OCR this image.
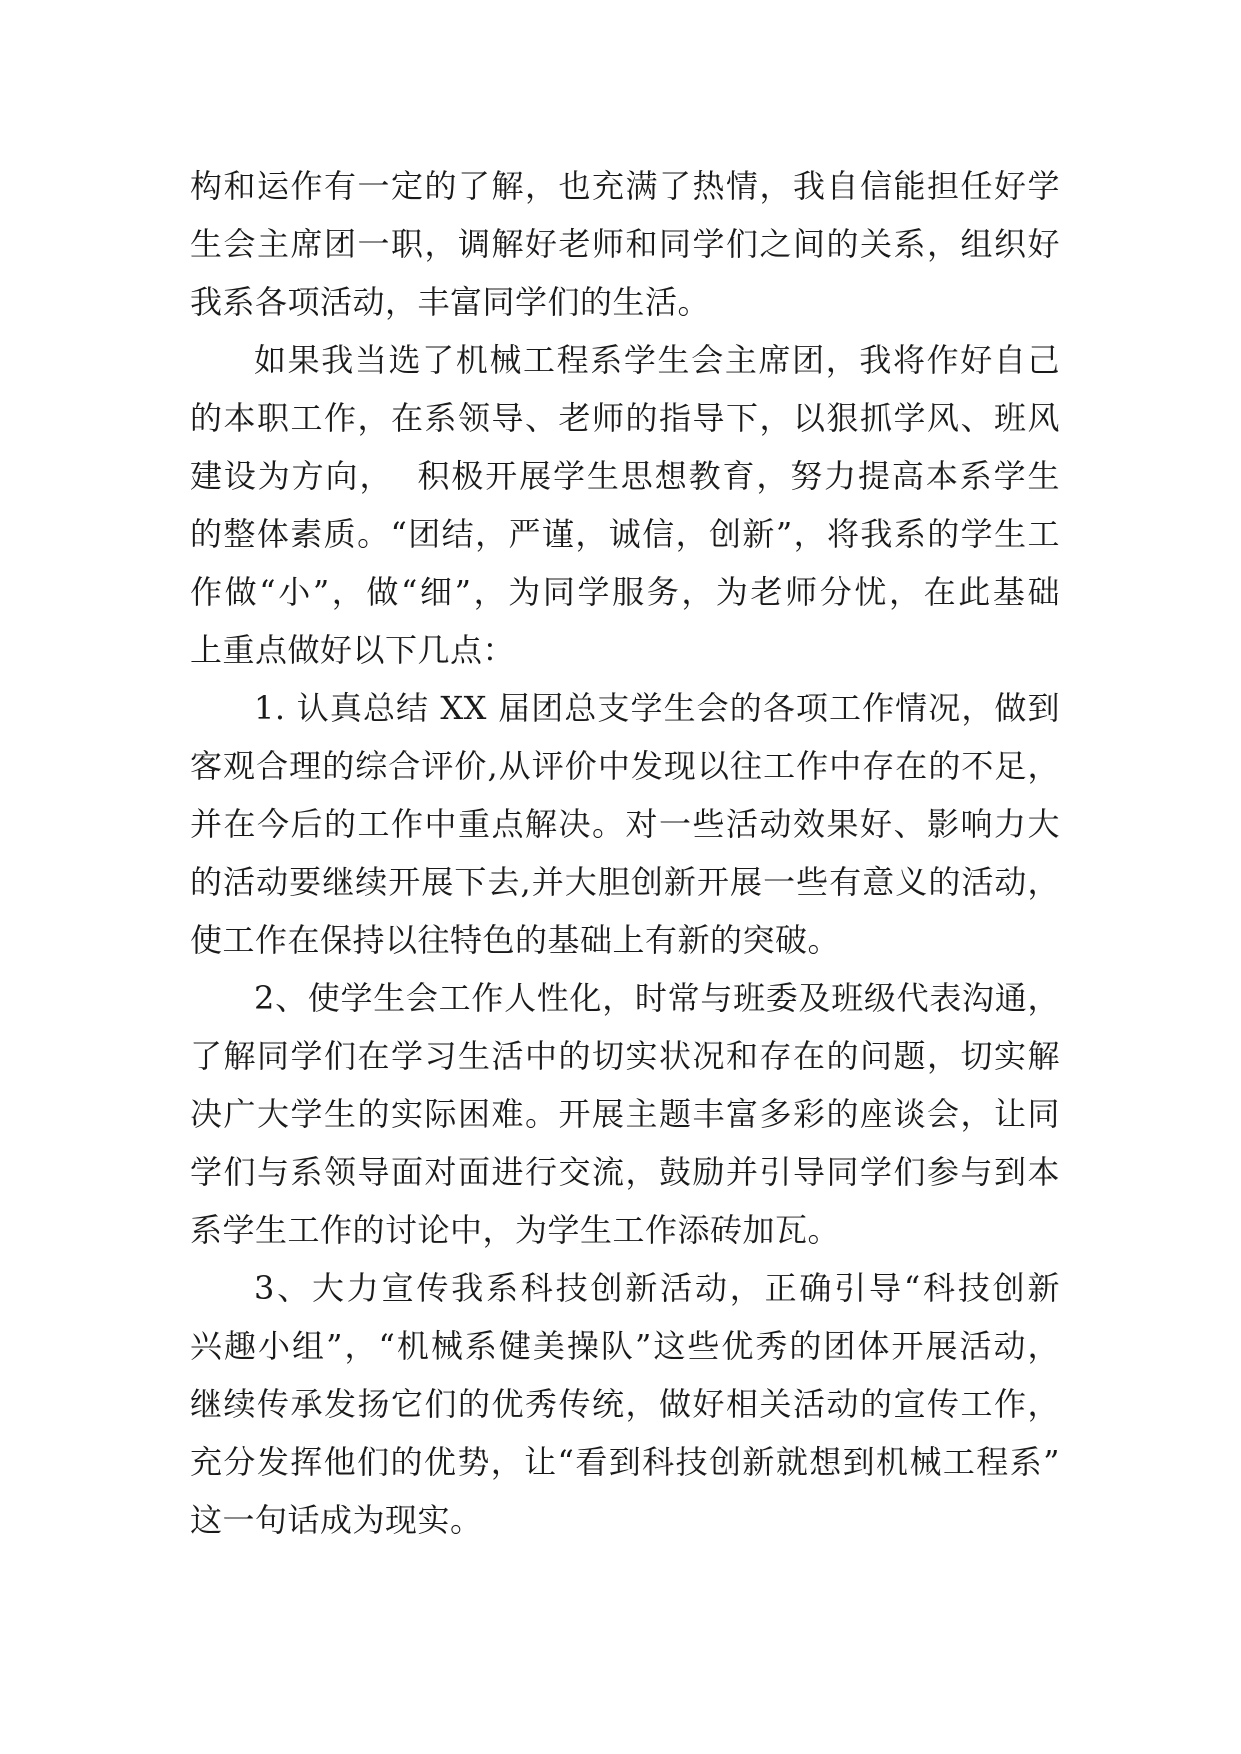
构和运作有一定的了解，也充满了热情，我自信能担任好学
生会主席团一职，调解好老师和同学们之间的关系，组织好
我系各项活动，丰富同学们的生活。
如果我当选了机械工程系学生会主席团，我将作好自己
的本职工作，在系领导、老师的指导下，以狠抓学风、班风
建设为方向，  积极开展学生思想教育，努力提高本系学生
的整体素质。“团结，严谨，诚信，创新”，将我系的学生工
作做“小”，做“细”，为同学服务，为老师分忧，在此基础
上重点做好以下几点：
1. 认真总结 XX 届团总支学生会的各项工作情况，做到
客观合理的综合评价,从评价中发现以往工作中存在的不足，
并在今后的工作中重点解决。对一些活动效果好、影响力大
的活动要继续开展下去,并大胆创新开展一些有意义的活动，
使工作在保持以往特色的基础上有新的突破。
2、使学生会工作人性化，时常与班委及班级代表沟通，
了解同学们在学习生活中的切实状况和存在的问题，切实解
决广大学生的实际困难。开展主题丰富多彩的座谈会，让同
学们与系领导面对面进行交流，鼓励并引导同学们参与到本
系学生工作的讨论中，为学生工作添砖加瓦。
3、大力宣传我系科技创新活动，正确引导“科技创新
兴趣小组”，“机械系健美操队”这些优秀的团体开展活动，
继续传承发扬它们的优秀传统，做好相关活动的宣传工作，
充分发挥他们的优势，让“看到科技创新就想到机械工程系”
这一句话成为现实。
